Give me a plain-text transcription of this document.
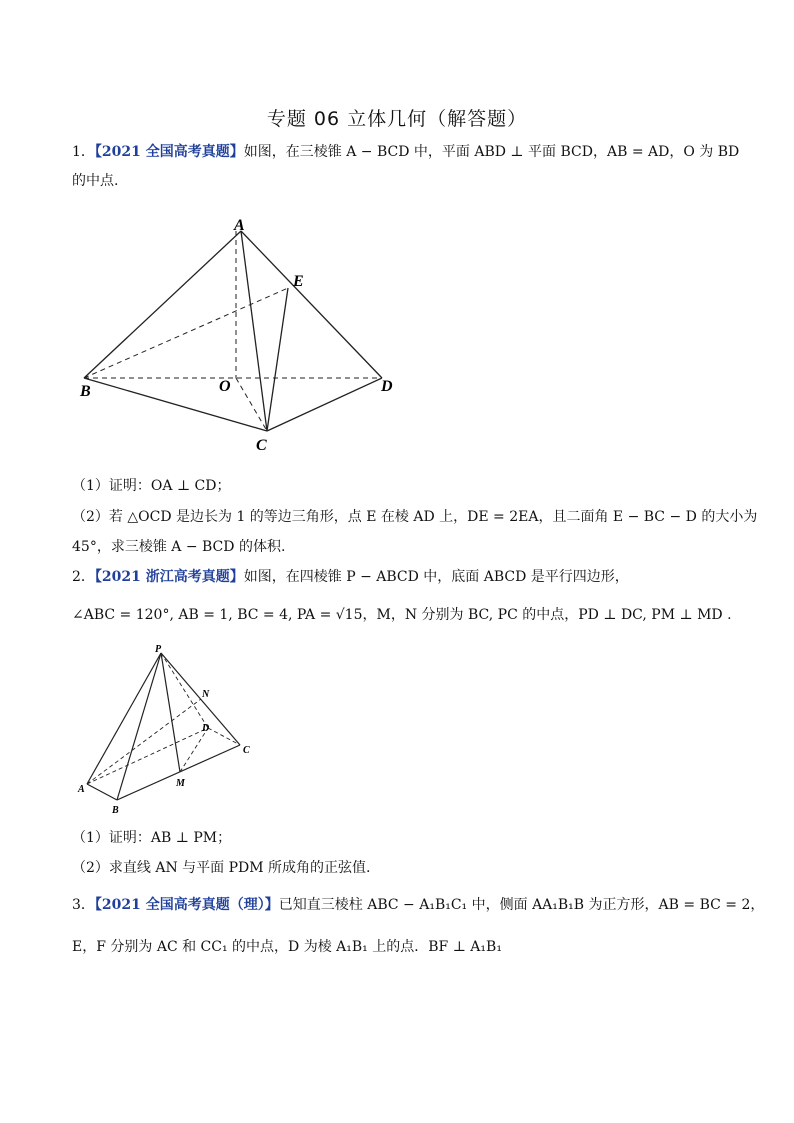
专题 06 立体几何（解答题）
1．【2021 全国高考真题】如图，在三棱锥 A − BCD 中，平面 ABD ⊥ 平面 BCD，AB = AD，O 为 BD
的中点.
A
B
C
D
E
O
P
N
D
C
A
B
M
（1）证明：OA ⊥ CD；
（2）若 △OCD 是边长为 1 的等边三角形，点 E 在棱 AD 上，DE = 2EA，且二面角 E − BC − D 的大小为
45°，求三棱锥 A − BCD 的体积.
2．【2021 浙江高考真题】如图，在四棱锥 P − ABCD 中，底面 ABCD 是平行四边形，
∠ABC = 120°, AB = 1, BC = 4, PA = √15，M，N 分别为 BC, PC 的中点，PD ⊥ DC, PM ⊥ MD .
（1）证明：AB ⊥ PM；
（2）求直线 AN 与平面 PDM 所成角的正弦值.
3．【2021 全国高考真题（理）】已知直三棱柱 ABC − A₁B₁C₁ 中，侧面 AA₁B₁B 为正方形，AB = BC = 2，
E，F 分别为 AC 和 CC₁ 的中点，D 为棱 A₁B₁ 上的点．BF ⊥ A₁B₁
